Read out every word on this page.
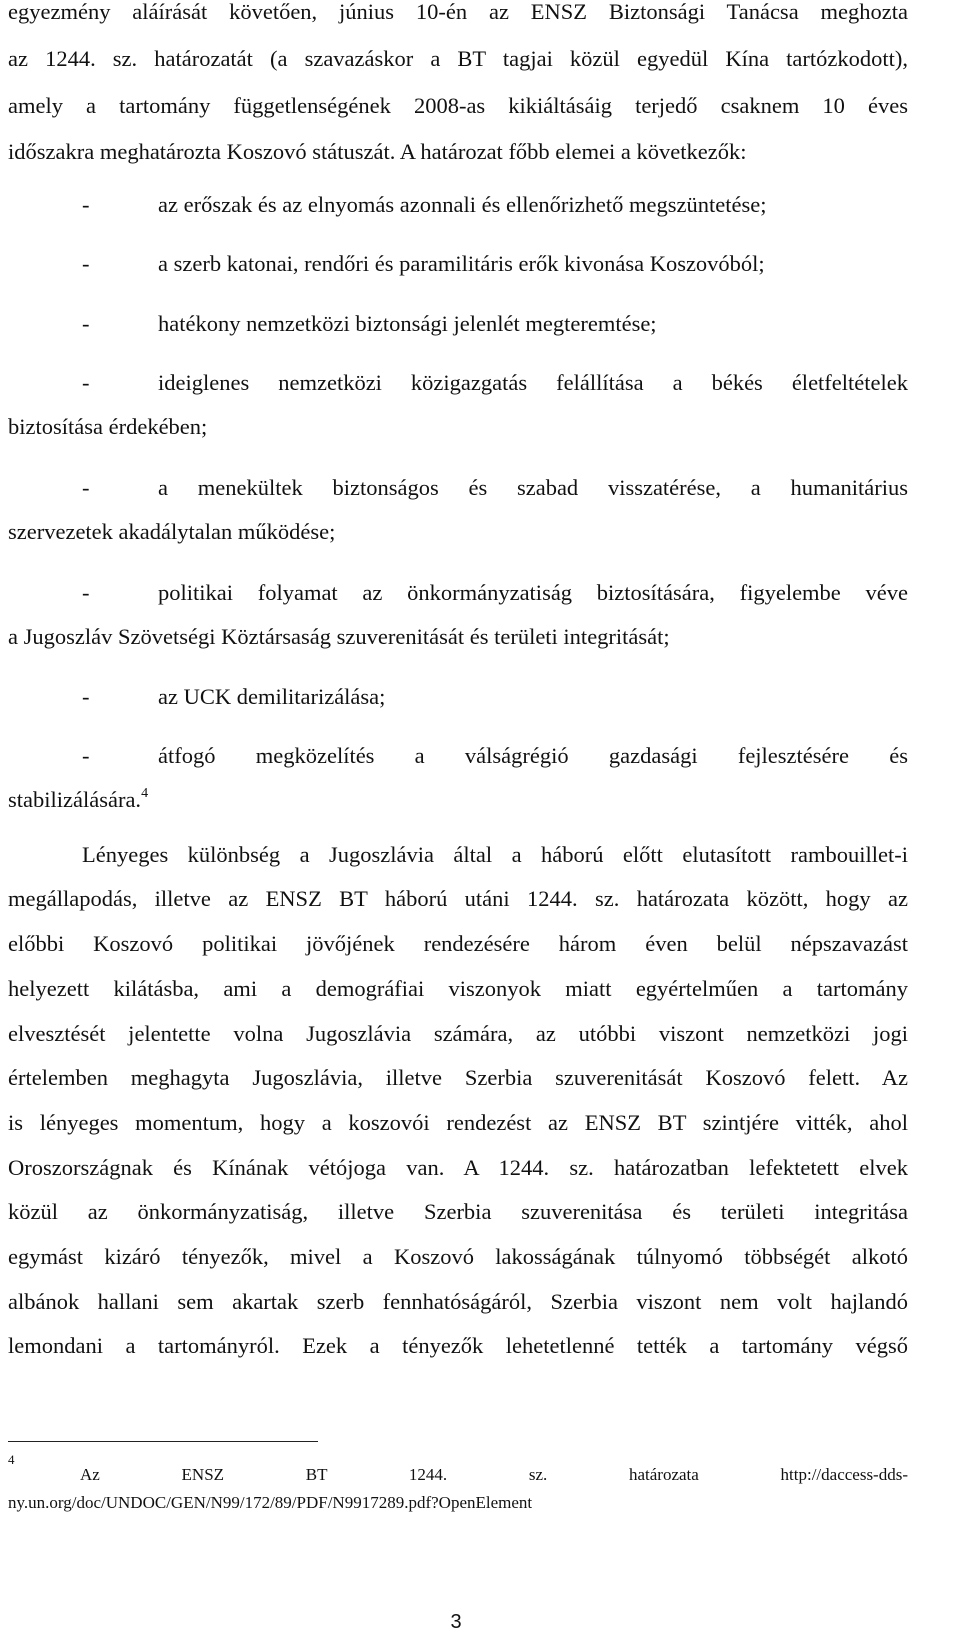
egyezmény aláírását követően, június 10-én az ENSZ Biztonsági Tanácsa meghozta
az 1244. sz. határozatát (a szavazáskor a BT tagjai közül egyedül Kína tartózkodott),
amely a tartomány függetlenségének 2008-as kikiáltásáig terjedő csaknem 10 éves
időszakra meghatározta Koszovó státuszát. A határozat főbb elemei a következők:
-	az erőszak és az elnyomás azonnali és ellenőrizhető megszüntetése;
-	a szerb katonai, rendőri és paramilitáris erők kivonása Koszovóból;
-	hatékony nemzetközi biztonsági jelenlét megteremtése;
-	ideiglenes nemzetközi közigazgatás felállítása a békés életfeltételek
biztosítása érdekében;
-	a menekültek biztonságos és szabad visszatérése, a humanitárius
szervezetek akadálytalan működése;
-	politikai folyamat az önkormányzatiság biztosítására, figyelembe véve
a Jugoszláv Szövetségi Köztársaság szuverenitását és területi integritását;
-	az UCK demilitarizálása;
-	átfogó megközelítés a válságrégió gazdasági fejlesztésére és
stabilizálására.$^4$
Lényeges különbség a Jugoszlávia által a háború előtt elutasított rambouillet-i
megállapodás, illetve az ENSZ BT háború utáni 1244. sz. határozata között, hogy az
előbbi Koszovó politikai jövőjének rendezésére három éven belül népszavazást
helyezett kilátásba, ami a demográfiai viszonyok miatt egyértelműen a tartomány
elvesztését jelentette volna Jugoszlávia számára, az utóbbi viszont nemzetközi jogi
értelemben meghagyta Jugoszlávia, illetve Szerbia szuverenitását Koszovó felett. Az
is lényeges momentum, hogy a koszovói rendezést az ENSZ BT szintjére vitték, ahol
Oroszországnak és Kínának vétójoga van. A 1244. sz. határozatban lefektetett elvek
közül az önkormányzatiság, illetve Szerbia szuverenitása és területi integritása
egymást kizáró tényezők, mivel a Koszovó lakosságának túlnyomó többségét alkotó
albánok hallani sem akartak szerb fennhatóságáról, Szerbia viszont nem volt hajlandó
lemondani a tartományról. Ezek a tényezők lehetetlenné tették a tartomány végső
4
Az ENSZ BT 1244. sz. határozata http://daccess-dds-
ny.un.org/doc/UNDOC/GEN/N99/172/89/PDF/N9917289.pdf?OpenElement
3
